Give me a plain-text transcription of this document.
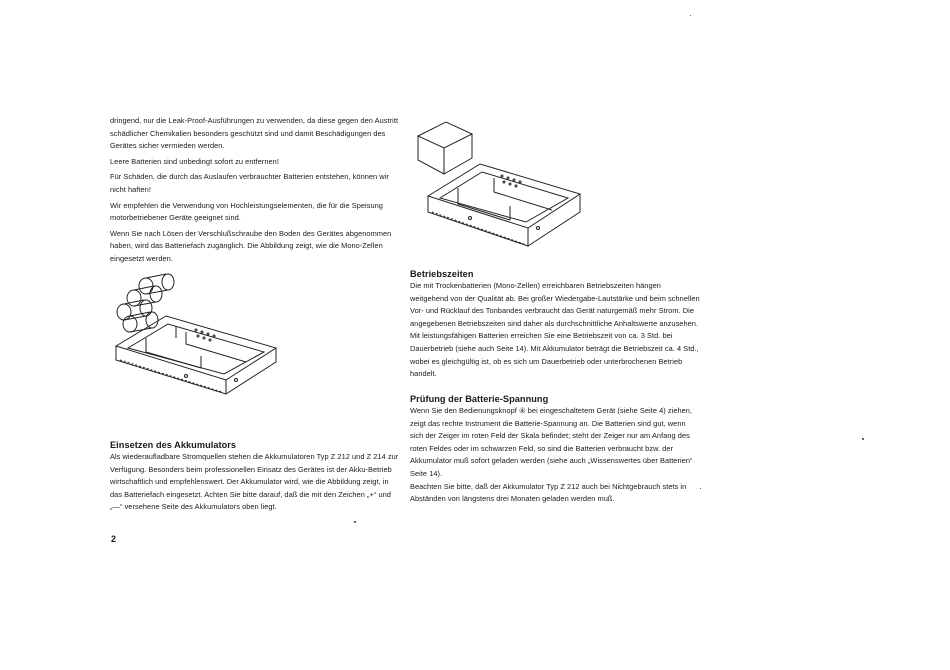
dringend, nur die Leak-Proof-Ausführungen zu verwenden, da diese gegen den Austritt schädlicher Chemikalien besonders geschützt sind und damit Beschädigungen des Gerätes sicher vermieden werden.

Leere Batterien sind unbedingt sofort zu entfernen!

Für Schäden, die durch das Auslaufen verbrauchter Batterien entstehen, können wir nicht haften!

Wir empfehlen die Verwendung von Hochleistungselementen, die für die Speisung motorbetriebener Geräte geeignet sind.

Wenn Sie nach Lösen der Verschlußschraube den Boden des Gerätes abgenommen haben, wird das Batteriefach zugänglich. Die Abbildung zeigt, wie die Mono-Zellen eingesetzt werden.

Einsetzen des Akkumulators

Als wiederaufladbare Stromquellen stehen die Akkumulatoren Typ Z 212 und Z 214 zur Verfügung. Besonders beim professionellen Einsatz des Gerätes ist der Akku-Betrieb wirtschaftlich und empfehlenswert. Der Akkumulator wird, wie die Abbildung zeigt, in das Batteriefach eingesetzt. Achten Sie bitte darauf, daß die mit den Zeichen „+“ und „—“ versehene Seite des Akkumulators oben liegt.

2

Betriebszeiten

Die mit Trockenbatterien (Mono-Zellen) erreichbaren Betriebszeiten hängen weitgehend von der Qualität ab. Bei großer Wiedergabe-Lautstärke und beim schnellen Vor- und Rücklauf des Tonbandes verbraucht das Gerät naturgemäß mehr Strom. Die angegebenen Betriebszeiten sind daher als durchschnittliche Anhaltswerte anzusehen. Mit leistungsfähigen Batterien erreichen Sie eine Betriebszeit von ca. 3 Std. bei Dauerbetrieb (siehe auch Seite 14). Mit Akkumulator beträgt die Betriebszeit ca. 4 Std., wobei es gleichgültig ist, ob es sich um Dauerbetrieb oder unterbrochenen Betrieb handelt.

Prüfung der Batterie-Spannung

Wenn Sie den Bedienungsknopf ④ bei eingeschaltetem Gerät (siehe Seite 4) ziehen, zeigt das rechte Instrument die Batterie-Spannung an. Die Batterien sind gut, wenn sich der Zeiger im roten Feld der Skala befindet; steht der Zeiger nur am Anfang des roten Feldes oder im schwarzen Feld, so sind die Batterien verbraucht bzw. der Akkumulator muß sofort geladen werden (siehe auch „Wissenswertes über Batterien“ Seite 14).

Beachten Sie bitte, daß der Akkumulator Typ Z 212 auch bei Nichtgebrauch stets in Abständen von längstens drei Monaten geladen werden muß.
